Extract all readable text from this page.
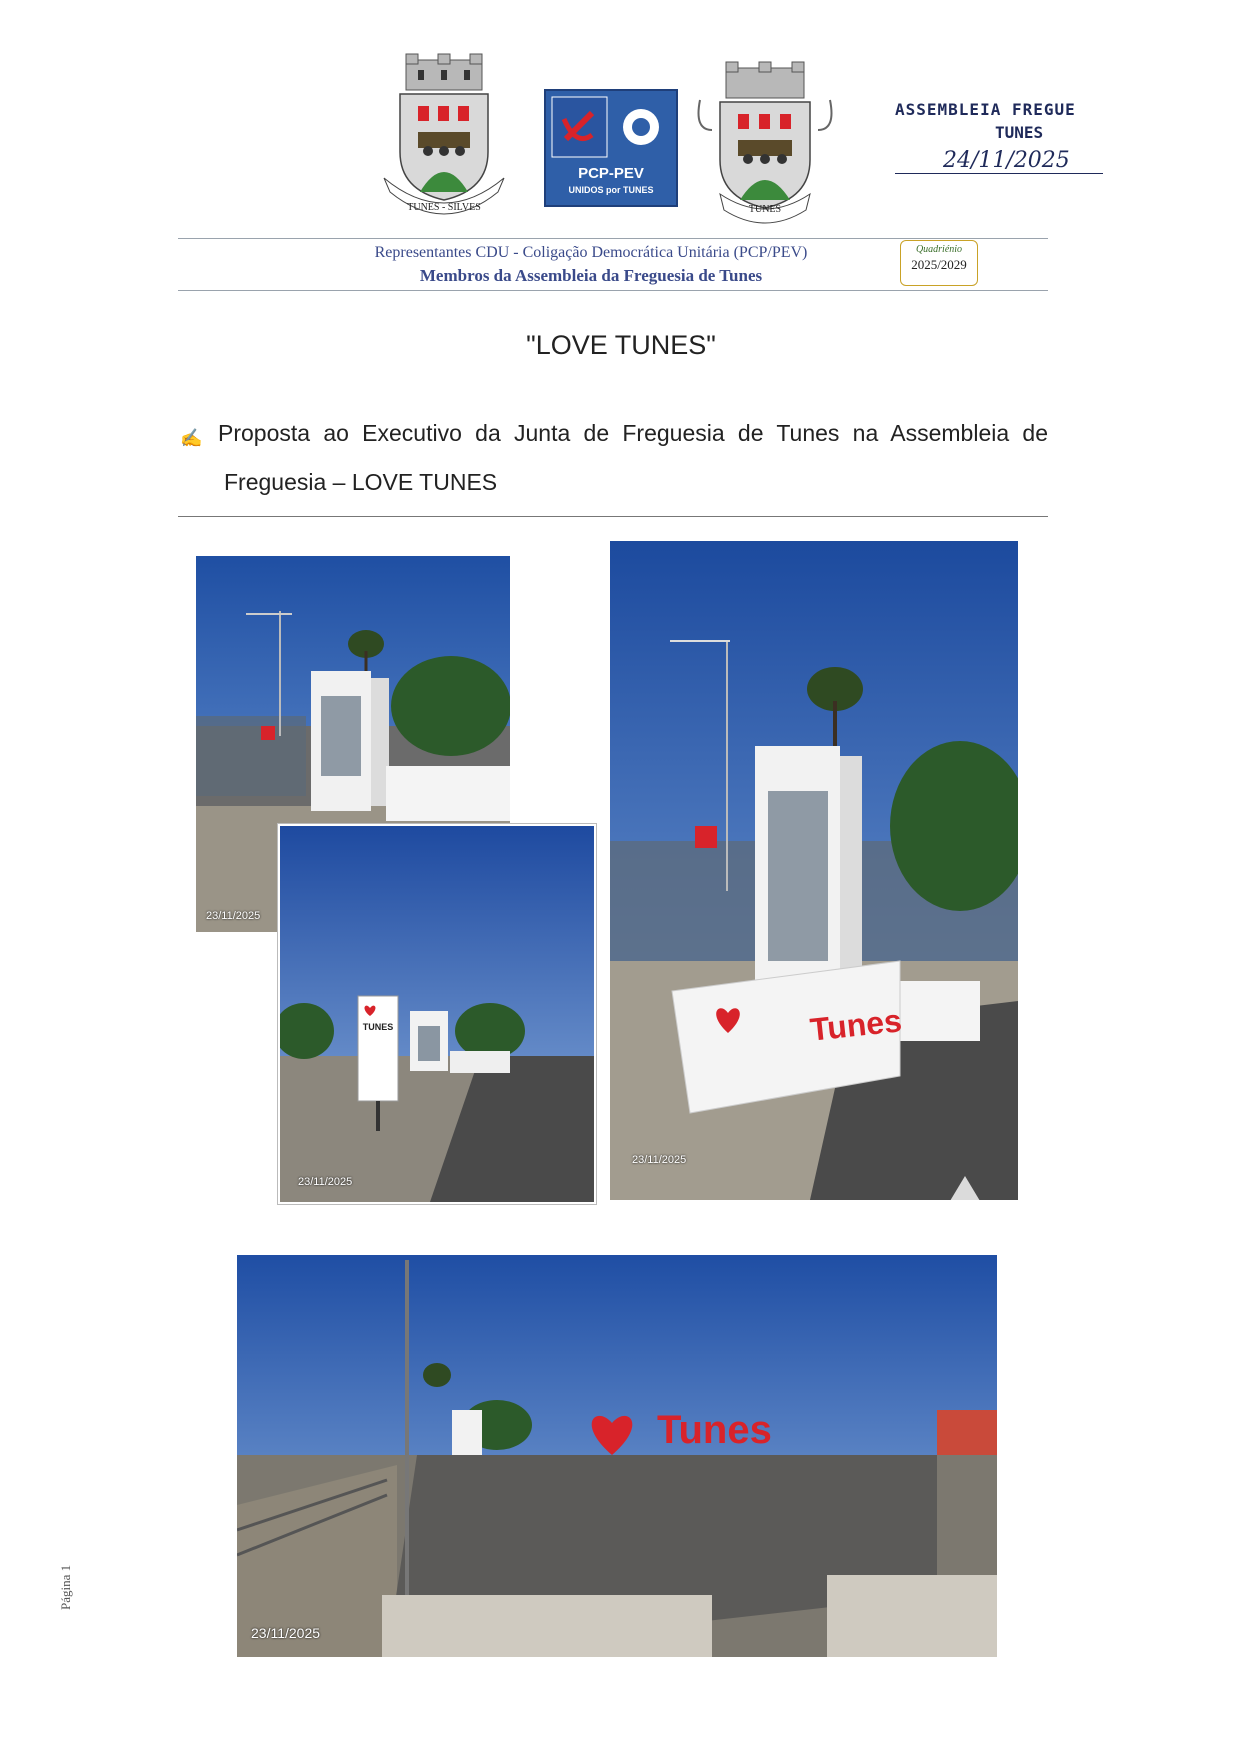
TUNES - SILVES
PCP-PEV
UNIDOS por TUNES
TUNES
ASSEMBLEIA FREGUE
TUNES
24/11/2025
Representantes CDU - Coligação Democrática Unitária (PCP/PEV)
Membros da Assembleia da Freguesia de Tunes
Quadriénio
2025/2029
"LOVE TUNES"
✍ Proposta ao Executivo da Junta de Freguesia de Tunes na Assembleia de
Freguesia – LOVE TUNES
23/11/2025
TUNES
23/11/2025
Tunes
23/11/2025
Tunes
23/11/2025
Página 1
